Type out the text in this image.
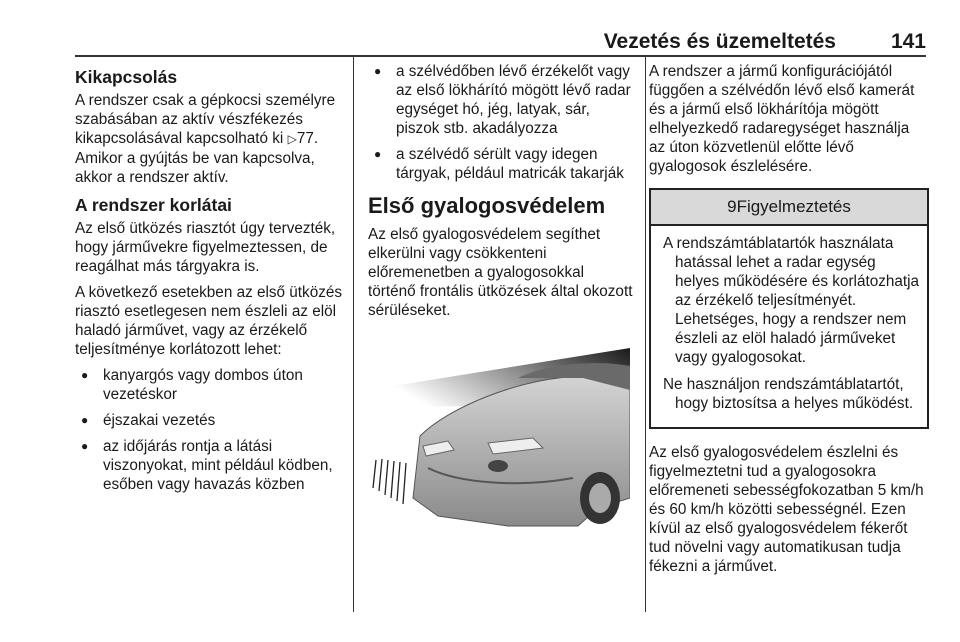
Vezetés és üzemeltetés	141
Kikapcsolás

A rendszer csak a gépkocsi személyre szabásában az aktív vészfékezés kikapcsolásával kapcsolható ki ▷77. Amikor a gyújtás be van kapcsolva, akkor a rendszer aktív.

A rendszer korlátai

Az első ütközés riasztót úgy tervezték, hogy járművekre figyelmeztessen, de reagálhat más tárgyakra is.

A következő esetekben az első ütközés riasztó esetlegesen nem észleli az elöl haladó járművet, vagy az érzékelő teljesítménye korlátozott lehet:

● kanyargós vagy dombos úton vezetéskor
● éjszakai vezetés
● az időjárás rontja a látási viszonyokat, mint például ködben, esőben vagy havazás közben
● a szélvédőben lévő érzékelőt vagy az első lökhárító mögött lévő radar egységet hó, jég, latyak, sár, piszok stb. akadályozza
● a szélvédő sérült vagy idegen tárgyak, például matricák takarják
Első gyalogosvédelem

Az első gyalogosvédelem segíthet elkerülni vagy csökkenteni előremenetben a gyalogosokkal történő frontális ütközések által okozott sérüléseket.

A rendszer a jármű konfigurációjától függően a szélvédőn lévő első kamerát és a jármű első lökhárítója mögött elhelyezkedő radaregységet használja az úton közvetlenül előtte lévő gyalogosok észlelésére.

9Figyelmeztetés

A rendszámtáblatartók használata hatással lehet a radar egység helyes működésére és korlátozhatja az érzékelő teljesítményét. Lehetséges, hogy a rendszer nem észleli az elöl haladó járműveket vagy gyalogosokat.

Ne használjon rendszámtáblatartót, hogy biztosítsa a helyes működést.

Az első gyalogosvédelem észlelni és figyelmeztetni tud a gyalogosokra előremeneti sebességfokozatban 5 km/h és 60 km/h közötti sebességnél. Ezen kívül az első gyalogosvédelem fékerőt tud növelni vagy automatikusan tudja fékezni a járművet.
